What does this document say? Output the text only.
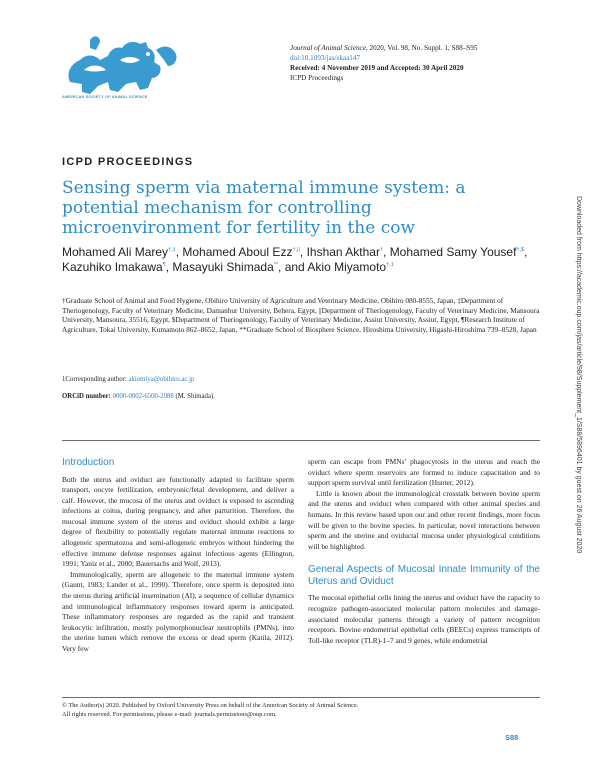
AMERICAN SOCIETY OF ANIMAL SCIENCE
Journal of Animal Science, 2020, Vol. 98, No. Suppl. 1, S88–S95
doi:10.1093/jas/skaa147
Received: 4 November 2019 and Accepted: 30 April 2020
ICPD Proceedings
ICPD PROCEEDINGS
Sensing sperm via maternal immune system: a potential mechanism for controlling microenvironment for fertility in the cow
Mohamed Ali Marey†,‡, Mohamed Aboul Ezz†,||, Ihshan Akthar†, Mohamed Samy Yousef†,$, Kazuhiko Imakawa¶, Masayuki Shimada**, and Akio Miyamoto$^{\dagger,1}$
†Graduate School of Animal and Food Hygiene, Obihiro University of Agriculture and Veterinary Medicine, Obihiro 080-8555, Japan, ‡Department of Theriogenology, Faculty of Veterinary Medicine, Damanhur University, Behera, Egypt, ||Department of Theriogenology, Faculty of Veterinary Medicine, Mansoura University, Mansoura, 35516, Egypt, $Department of Theriogenology, Faculty of Veterinary Medicine, Assiut University, Assiut, Egypt, ¶Research Institute of Agriculture, Tokai University, Kumamoto 862–8652, Japan, **Graduate School of Biosphere Science, Hiroshima University, Higashi-Hiroshima 739–8528, Japan
1Corresponding author: akiomiya@obihiro.ac.jp
ORCiD number: 0000-0002-6500-2088 (M. Shimada).
Introduction

Both the uterus and oviduct are functionally adapted to facilitate sperm transport, oocyte fertilization, embryonic/fetal development, and deliver a calf. However, the mucosa of the uterus and oviduct is exposed to ascending infections at coitus, during pregnancy, and after parturition. Therefore, the mucosal immune system of the uterus and oviduct should exhibit a large degree of flexibility to potentially regulate maternal immune reactions to allogeneic spermatozoa and semi-allogeneic embryos without hindering the effective immune defense responses against infectious agents (Ellington, 1991; Yaniz et al., 2000; Bauersachs and Wolf, 2013).

Immunologically, sperm are allogeneic to the maternal immune system (Gaunt, 1983; Lander et al., 1990). Therefore, once sperm is deposited into the uterus during artificial insemination (AI), a sequence of cellular dynamics and immunological inflammatory responses toward sperm is anticipated. These inflammatory responses are regarded as the rapid and transient leukocytic infiltration, mostly polymorphonuclear neutrophils (PMNs), into the uterine lumen which remove the excess or dead sperm (Katila, 2012). Very few

sperm can escape from PMNs’ phagocytosis in the uterus and reach the oviduct where sperm reservoirs are formed to induce capacitation and to support sperm survival until fertilization (Hunter, 2012).

Little is known about the immunological crosstalk between bovine sperm and the uterus and oviduct when compared with other animal species and humans. In this review based upon our and other recent findings, more focus will be given to the bovine species. In particular, novel interactions between sperm and the uterine and oviductal mucosa under physiological conditions will be highlighted.

General Aspects of Mucosal Innate Immunity of the Uterus and Oviduct

The mucosal epithelial cells lining the uterus and oviduct have the capacity to recognize pathogen-associated molecular pattern molecules and damage-associated molecular patterns through a variety of pattern recognition receptors. Bovine endometrial epithelial cells (BEECs) express transcripts of Toll-like receptor (TLR)-1–7 and 9 genes, while endometrial

© The Author(s) 2020. Published by Oxford University Press on behalf of the American Society of Animal Science.
All rights reserved. For permissions, please e-mail: journals.permissions@oup.com.
S88
Downloaded from https://academic.oup.com/jas/article/98/Supplement_1/S88/5896401 by guest on 26 August 2020
